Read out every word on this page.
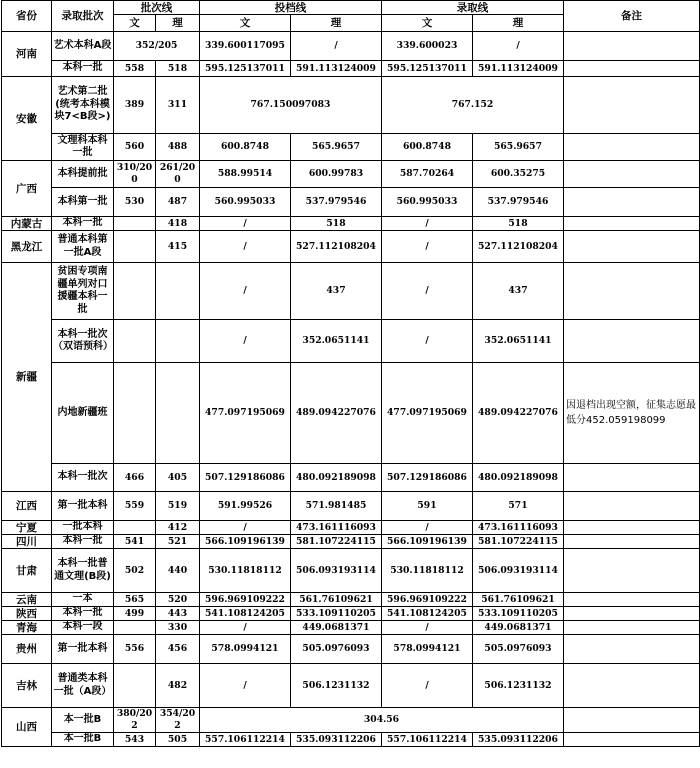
省份	录取批次	批次线		投档线		录取线		备注
		文	理	文	理	文	理	
河南	艺术本科A段	352/205		339.600117095	/	339.600023	/	
	本科一批	558	518	595.125137011	591.113124009	595.125137011	591.113124009	
安徽	艺术第二批(统考本科模块7<B段>)	389	311	767.150097083		767.152		
	文理科本科一批	560	488	600.8748	565.9657	600.8748	565.9657	
广西	本科提前批	310/200	261/200	588.99514	600.99783	587.70264	600.35275	
	本科第一批	530	487	560.995033	537.979546	560.995033	537.979546	
内蒙古	本科一批		418	/	518	/	518	
黑龙江	普通本科第一批A段		415	/	527.112108204	/	527.112108204	
新疆	贫困专项南疆单列对口援疆本科一批			/	437	/	437	
	本科一批次（双语预科）			/	352.0651141	/	352.0651141	
	内地新疆班			477.097195069	489.094227076	477.097195069	489.094227076	因退档出现空额，征集志愿最低分452.059198099
	本科一批次	466	405	507.129186086	480.092189098	507.129186086	480.092189098	
江西	第一批本科	559	519	591.99526	571.981485	591	571	
宁夏	一批本科		412	/	473.161116093	/	473.161116093	
四川	本科一批	541	521	566.109196139	581.107224115	566.109196139	581.107224115	
甘肃	本科一批普通文理(B段)	502	440	530.11818112	506.093193114	530.11818112	506.093193114	
云南	一本	565	520	596.969109222	561.76109621	596.969109222	561.76109621	
陕西	本科一批	499	443	541.108124205	533.109110205	541.108124205	533.109110205	
青海	本科一段		330	/	449.0681371	/	449.0681371	
贵州	第一批本科	556	456	578.0994121	505.0976093	578.0994121	505.0976093	
吉林	普通类本科一批（A段）		482	/	506.1231132	/	506.1231132	
山西	本一批B	380/202	354/202	304.56				
	本一批B	543	505	557.106112214	535.093112206	557.106112214	535.093112206	
